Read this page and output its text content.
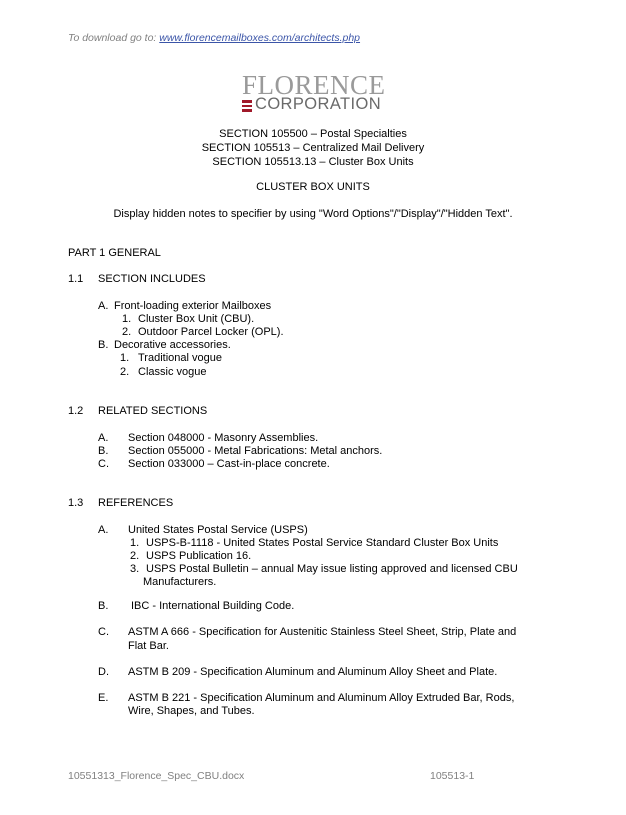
To download go to: www.florencemailboxes.com/architects.php
FLORENCE
CORPORATION
SECTION 105500 – Postal Specialties
SECTION 105513 – Centralized Mail Delivery
SECTION 105513.13 – Cluster Box Units
CLUSTER BOX UNITS
Display hidden notes to specifier by using "Word Options"/"Display"/"Hidden Text".
PART 1 GENERAL
1.1 SECTION INCLUDES
A. Front-loading exterior Mailboxes
1. Cluster Box Unit (CBU).
2. Outdoor Parcel Locker (OPL).
B. Decorative accessories.
1. Traditional vogue
2. Classic vogue
1.2 RELATED SECTIONS
A. Section 048000 - Masonry Assemblies.
B. Section 055000 - Metal Fabrications: Metal anchors.
C. Section 033000 – Cast-in-place concrete.
1.3 REFERENCES
A. United States Postal Service (USPS)
1. USPS-B-1118 - United States Postal Service Standard Cluster Box Units
2. USPS Publication 16.
3. USPS Postal Bulletin – annual May issue listing approved and licensed CBU
Manufacturers.
B. IBC - International Building Code.
C. ASTM A 666 - Specification for Austenitic Stainless Steel Sheet, Strip, Plate and
Flat Bar.
D. ASTM B 209 - Specification Aluminum and Aluminum Alloy Sheet and Plate.
E. ASTM B 221 - Specification Aluminum and Aluminum Alloy Extruded Bar, Rods,
Wire, Shapes, and Tubes.
10551313_Florence_Spec_CBU.docx	105513-1
